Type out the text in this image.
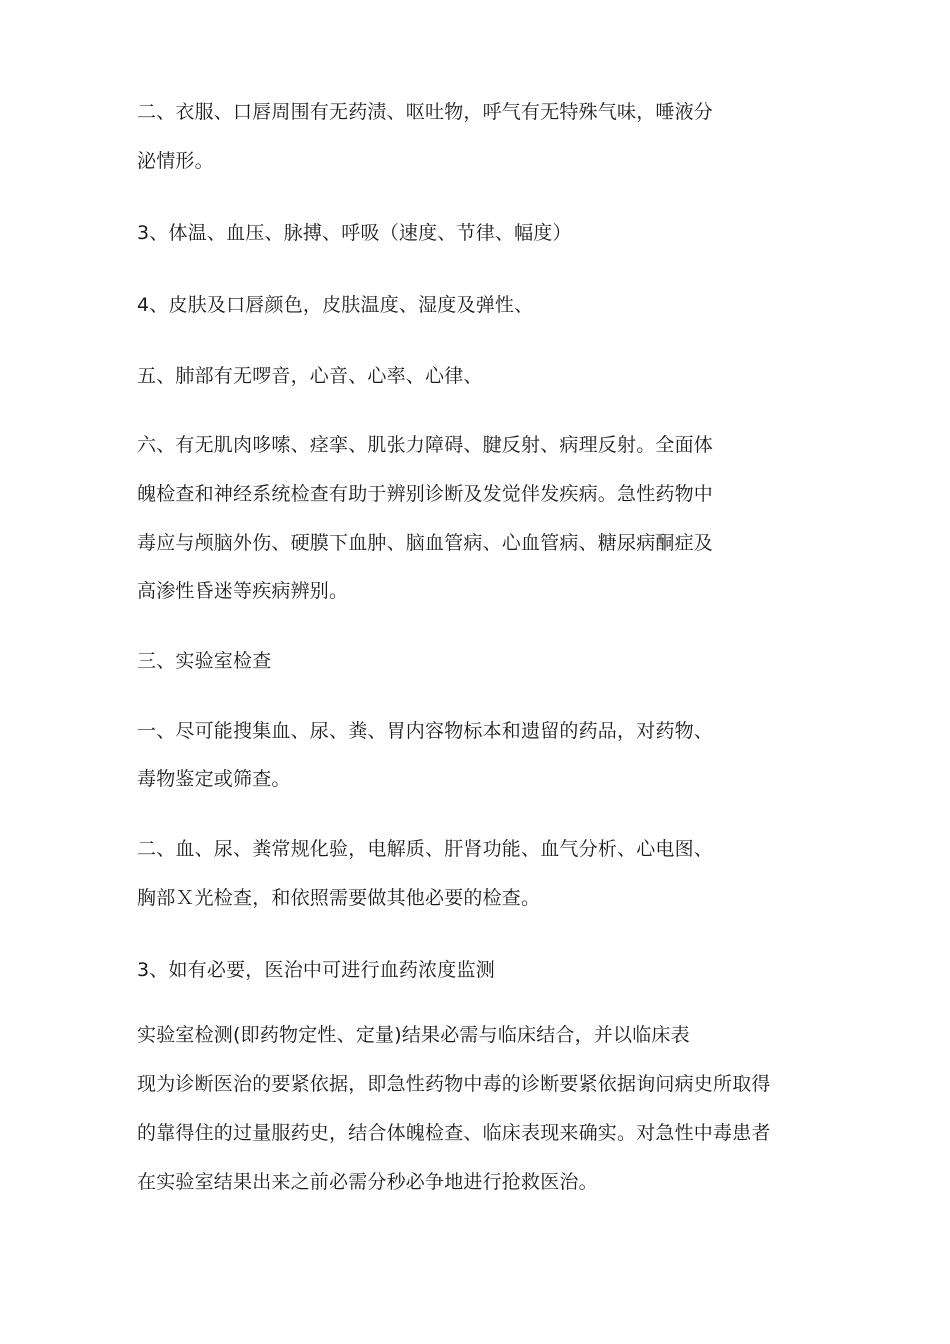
二、衣服、口唇周围有无药渍、呕吐物，呼气有无特殊气味，唾液分
泌情形。
3、体温、血压、脉搏、呼吸（速度、节律、幅度）
4、皮肤及口唇颜色，皮肤温度、湿度及弹性、
五、肺部有无啰音，心音、心率、心律、
六、有无肌肉哆嗦、痉挛、肌张力障碍、腱反射、病理反射。全面体
魄检查和神经系统检查有助于辨别诊断及发觉伴发疾病。急性药物中
毒应与颅脑外伤、硬膜下血肿、脑血管病、心血管病、糖尿病酮症及
高渗性昏迷等疾病辨别。
三、实验室检查
一、尽可能搜集血、尿、粪、胃内容物标本和遗留的药品，对药物、
毒物鉴定或筛查。
二、血、尿、粪常规化验，电解质、肝肾功能、血气分析、心电图、
胸部Ｘ光检查，和依照需要做其他必要的检查。
3、如有必要，医治中可进行血药浓度监测
实验室检测(即药物定性、定量)结果必需与临床结合，并以临床表
现为诊断医治的要紧依据，即急性药物中毒的诊断要紧依据询问病史所取得
的靠得住的过量服药史，结合体魄检查、临床表现来确实。对急性中毒患者
在实验室结果出来之前必需分秒必争地进行抢救医治。
